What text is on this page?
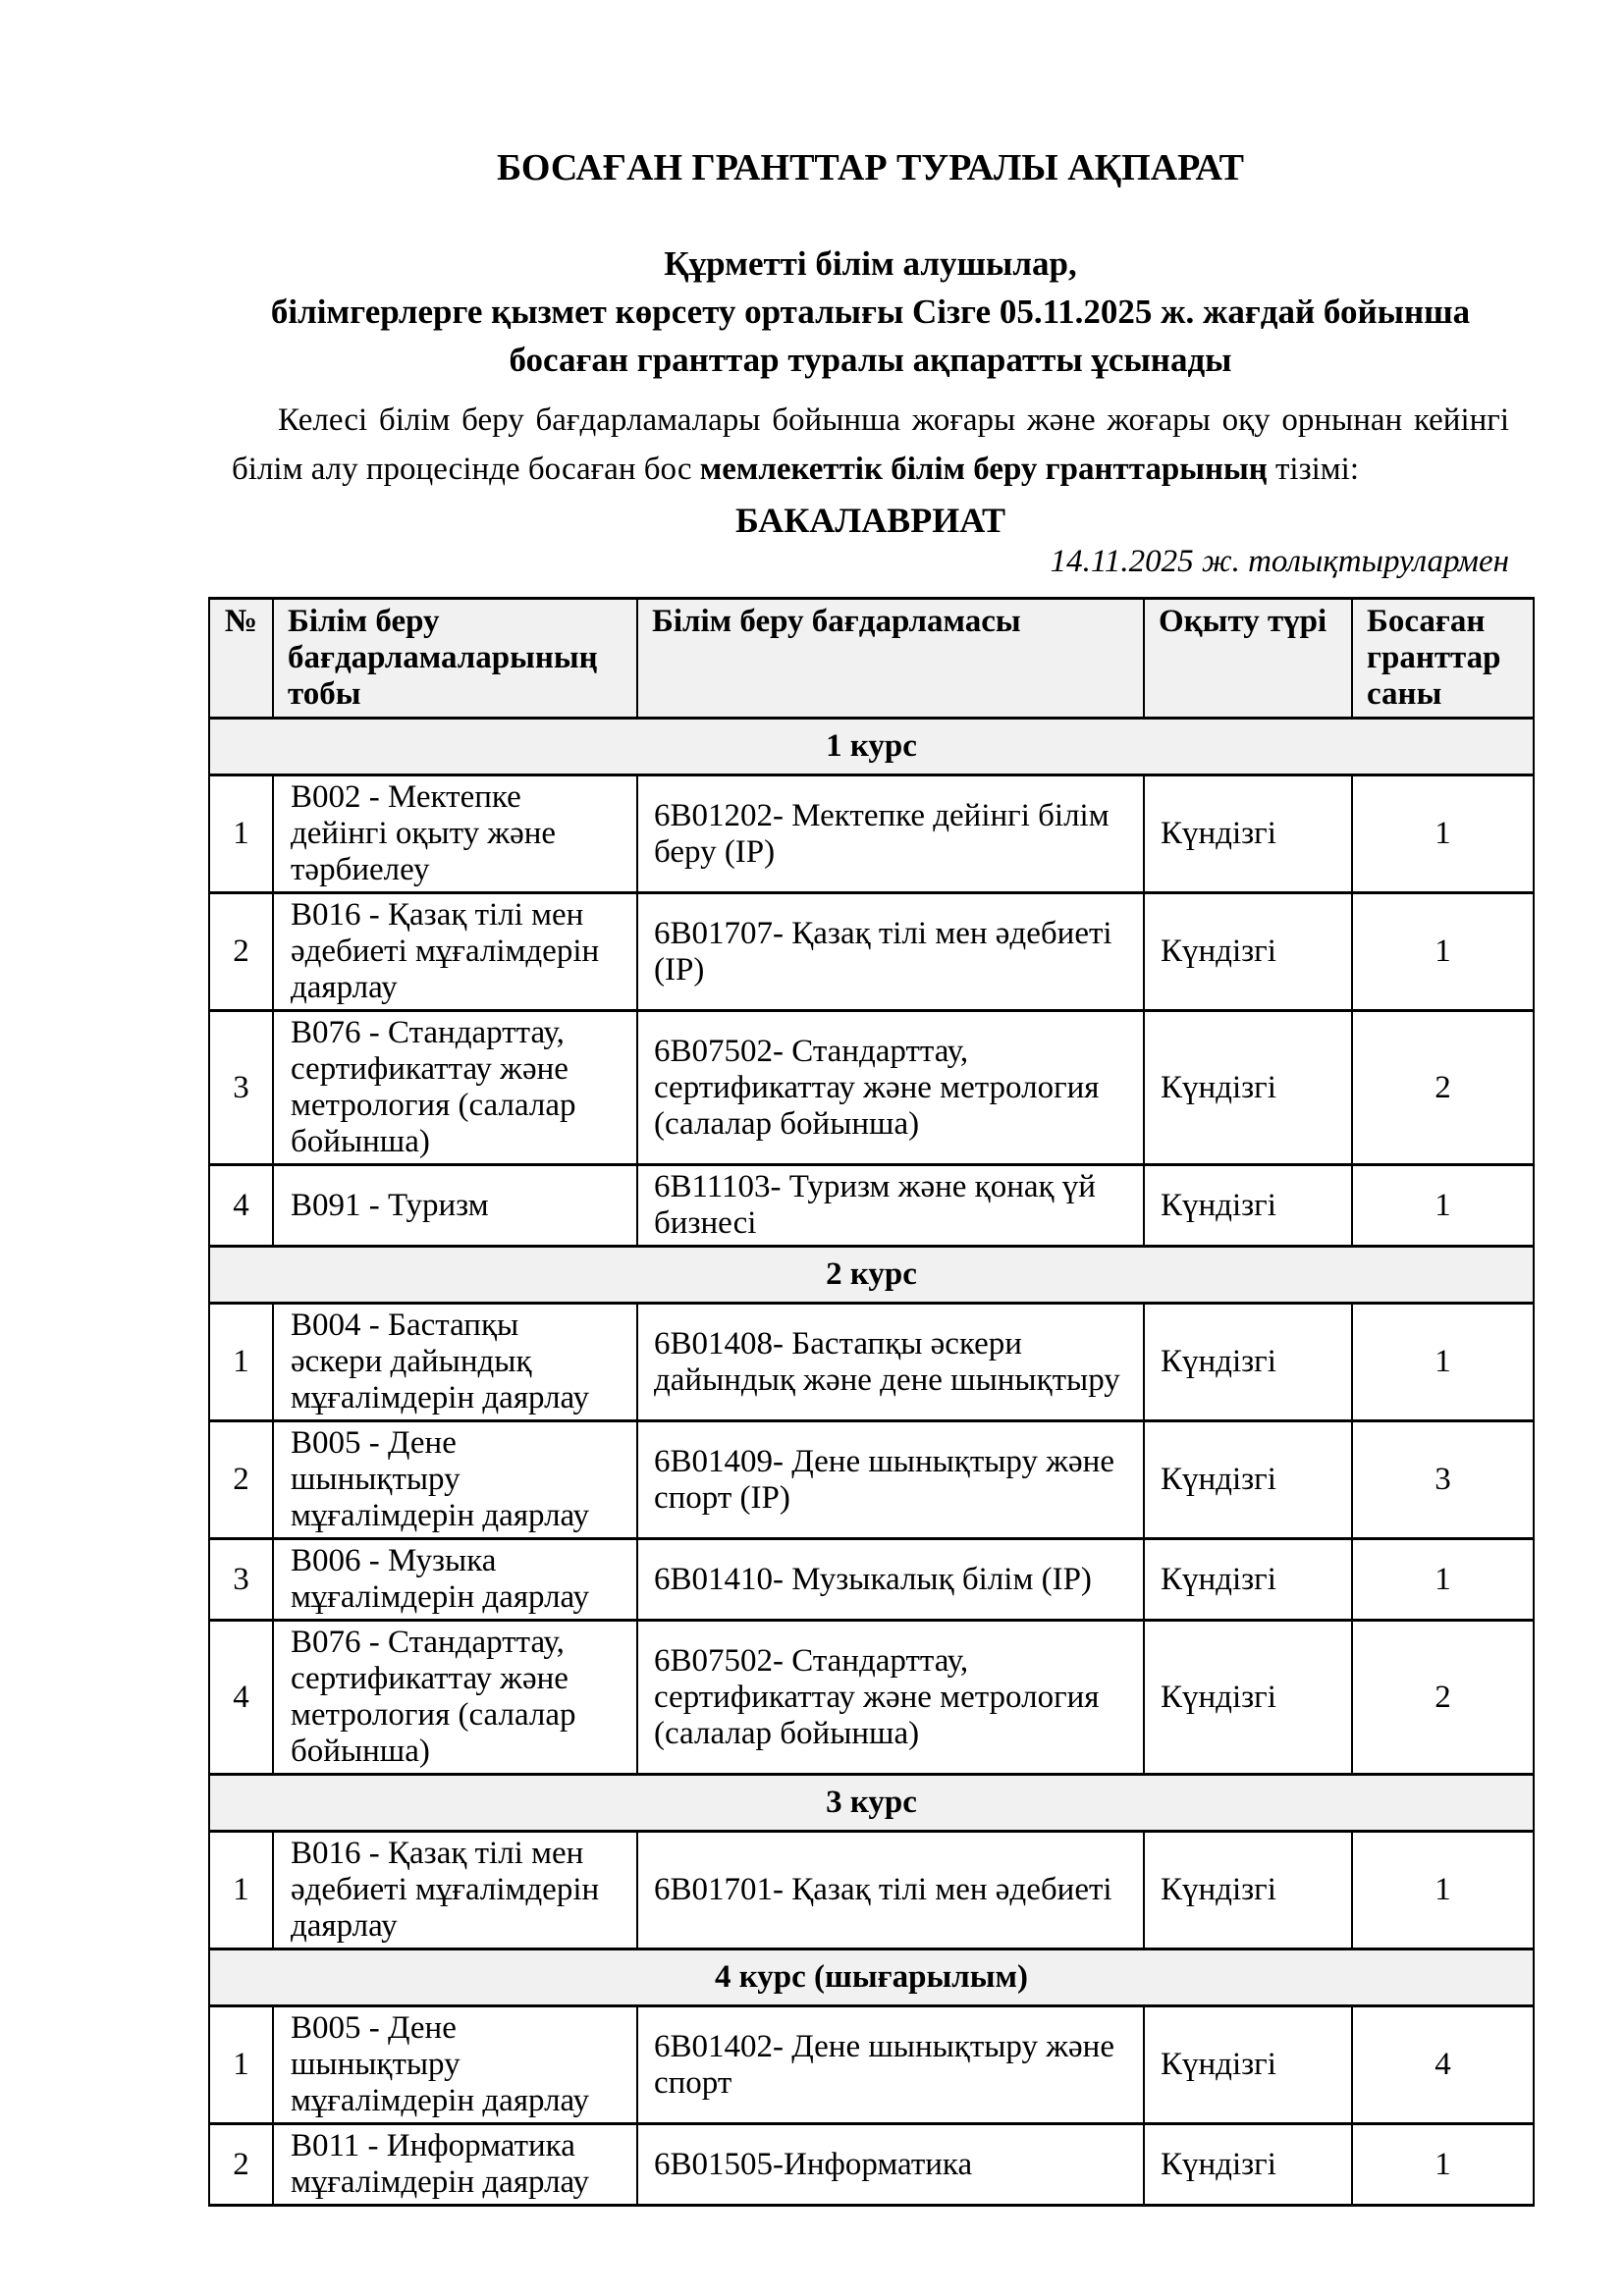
БОСАҒАН ГРАНТТАР ТУРАЛЫ АҚПАРАТ
Құрметті білім алушылар,
білімгерлерге қызмет көрсету орталығы Сізге 05.11.2025 ж. жағдай бойынша
босаған гранттар туралы ақпаратты ұсынады

Келесі білім беру бағдарламалары бойынша жоғары және жоғары оқу орнынан кейінгі білім алу процесінде босаған бос мемлекеттік білім беру гранттарының тізімі:

БАКАЛАВРИАТ

14.11.2025 ж. толықтырулармен

№	Білім беру бағдарламаларының тобы	Білім беру бағдарламасы	Оқыту түрі	Босаған гранттар саны
1 курс				
1	B002 - Мектепке дейінгі оқыту және тәрбиелеу	6B01202- Мектепке дейінгі білім беру (IP)	Күндізгі	1
2	B016 - Қазақ тілі мен әдебиеті мұғалімдерін даярлау	6B01707- Қазақ тілі мен әдебиеті (IP)	Күндізгі	1
3	B076 - Стандарттау, сертификаттау және метрология (салалар бойынша)	6B07502- Стандарттау, сертификаттау және метрология (салалар бойынша)	Күндізгі	2
4	B091 - Туризм	6B11103- Туризм және қонақ үй бизнесі	Күндізгі	1
2 курс				
1	B004 - Бастапқы әскери дайындық мұғалімдерін даярлау	6B01408- Бастапқы әскери дайындық және дене шынықтыру	Күндізгі	1
2	B005 - Дене шынықтыру мұғалімдерін даярлау	6B01409- Дене шынықтыру және спорт (IP)	Күндізгі	3
3	B006 - Музыка мұғалімдерін даярлау	6B01410- Музыкалық білім (IP)	Күндізгі	1
4	B076 - Стандарттау, сертификаттау және метрология (салалар бойынша)	6B07502- Стандарттау, сертификаттау және метрология (салалар бойынша)	Күндізгі	2
3 курс				
1	B016 - Қазақ тілі мен әдебиеті мұғалімдерін даярлау	6B01701- Қазақ тілі мен әдебиеті	Күндізгі	1
4 курс (шығарылым)				
1	B005 - Дене шынықтыру мұғалімдерін даярлау	6B01402- Дене шынықтыру және спорт	Күндізгі	4
2	B011 - Информатика мұғалімдерін даярлау	6B01505-Информатика	Күндізгі	1
